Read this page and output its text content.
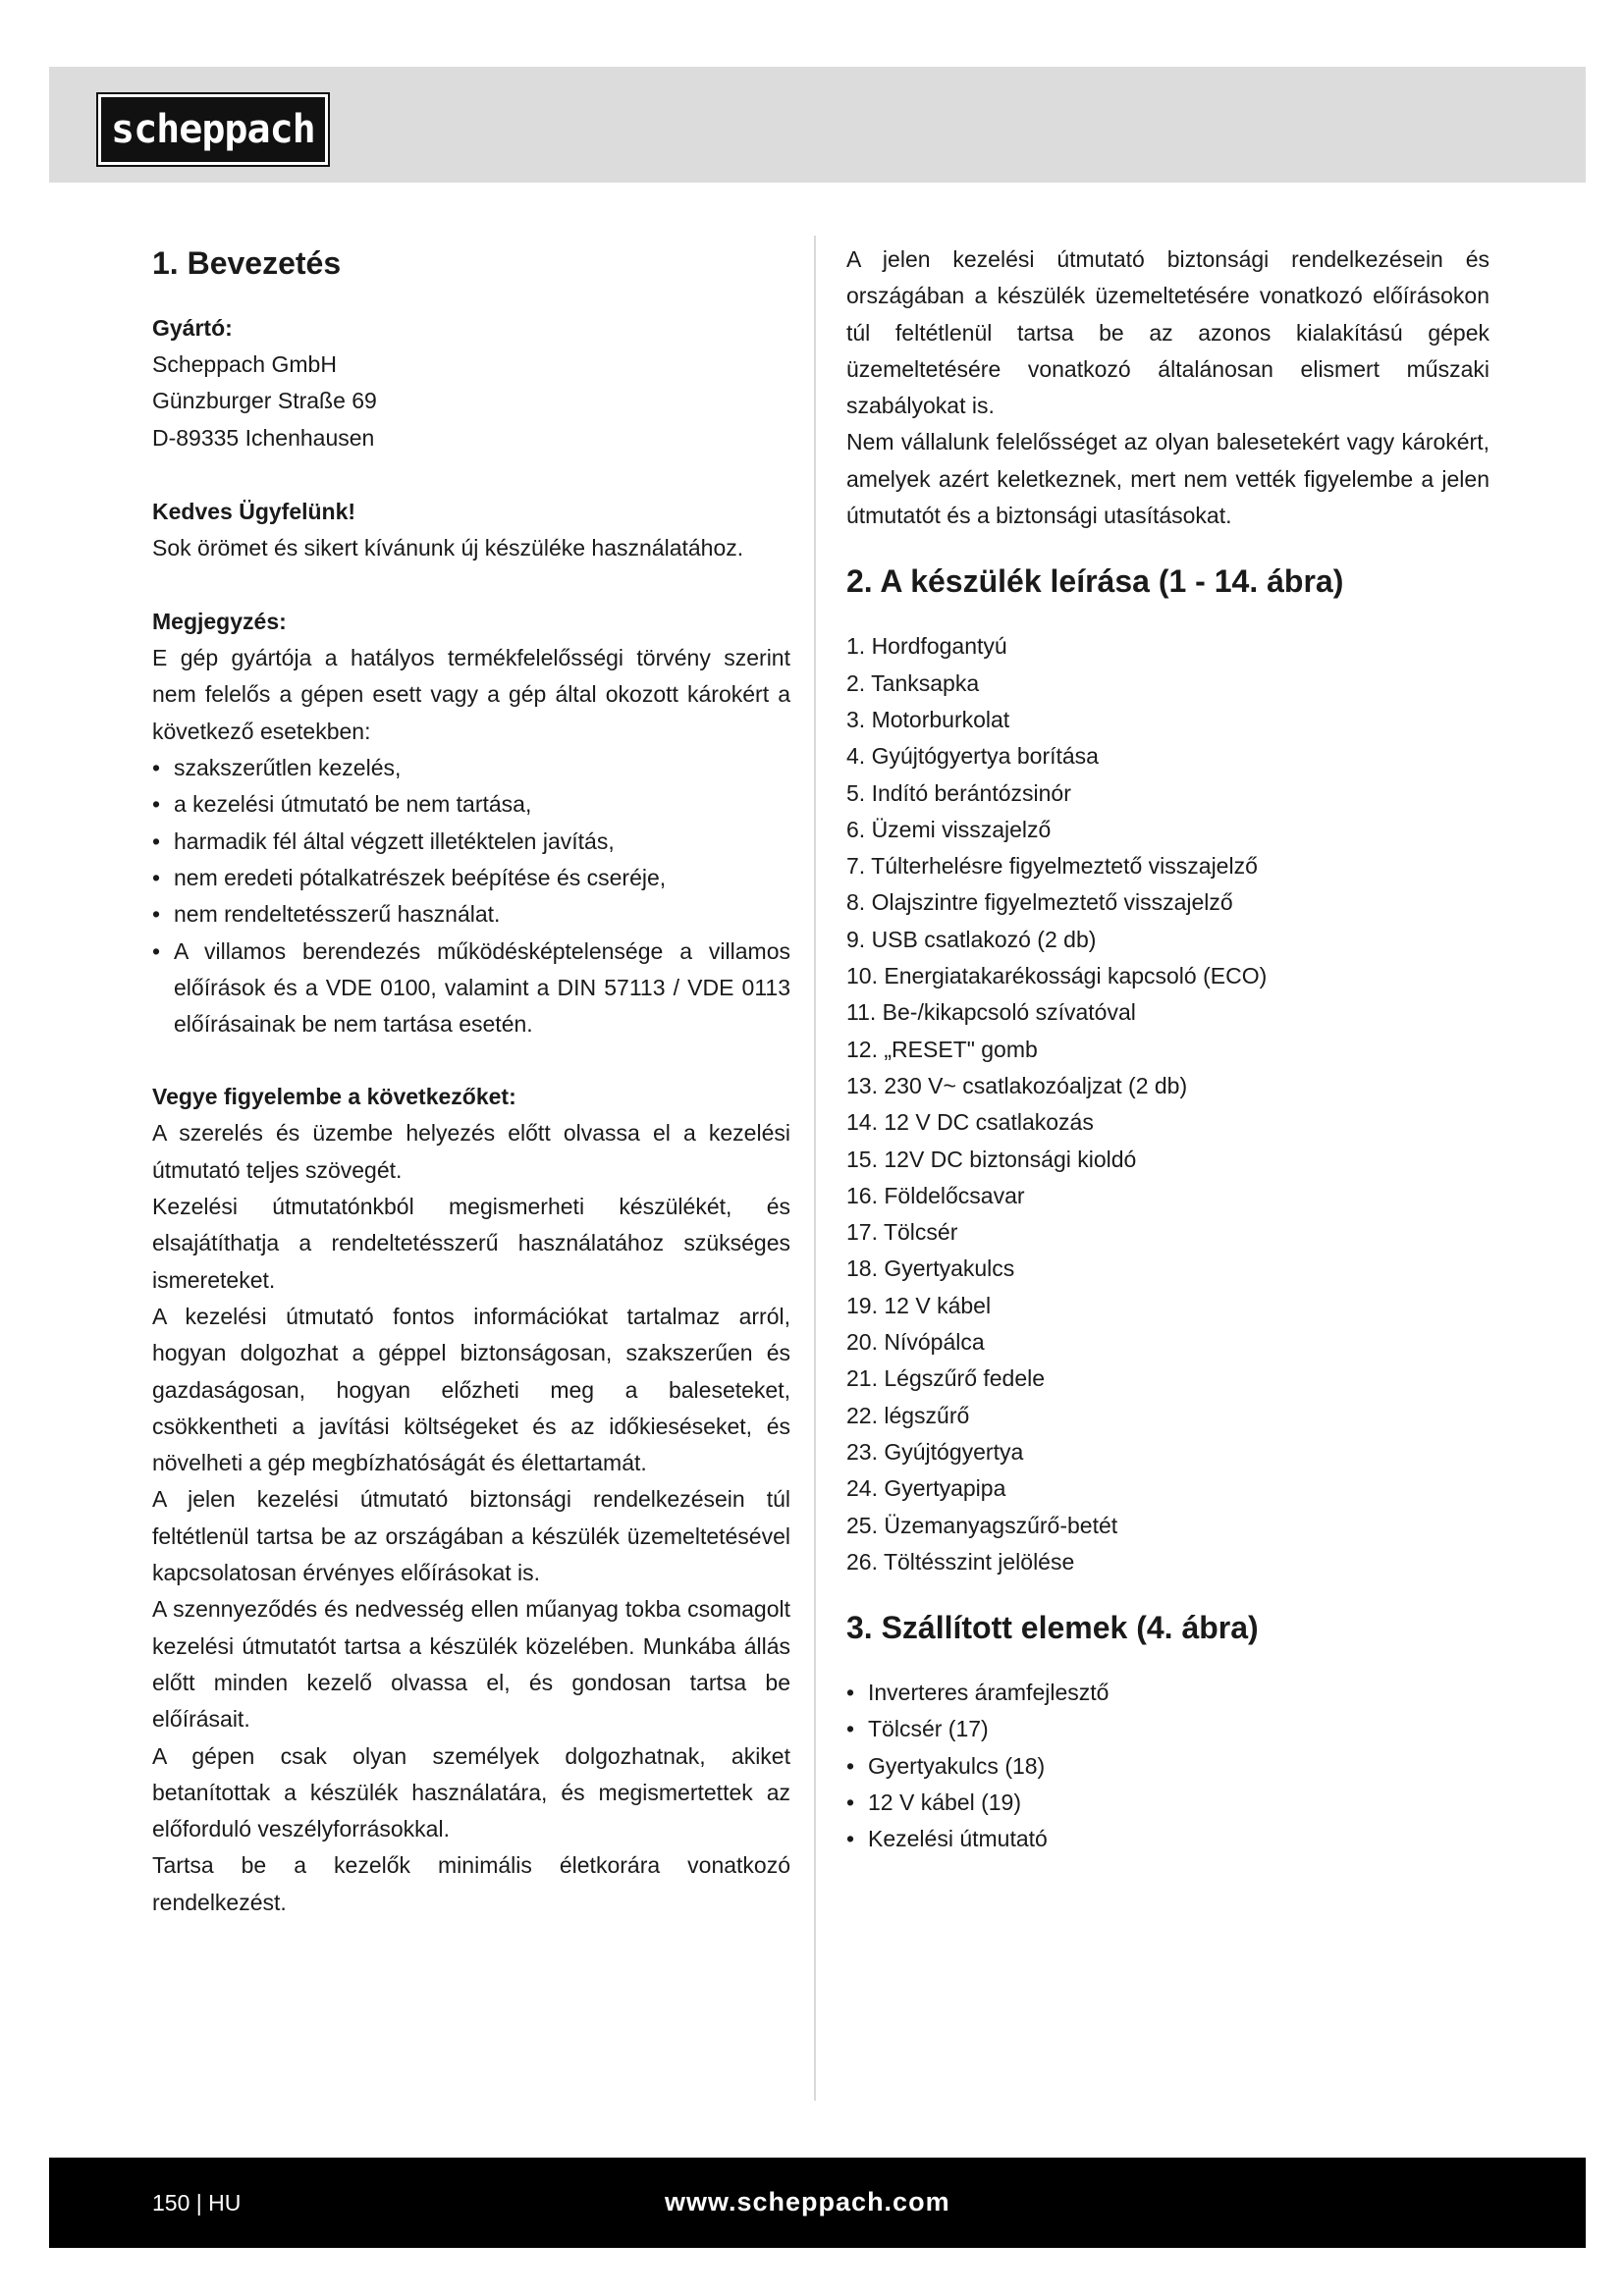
scheppach
1. Bevezetés
Gyártó:

Scheppach GmbH

Günzburger Straße 69

D-89335 Ichenhausen

Kedves Ügyfelünk!

Sok örömet és sikert kívánunk új készüléke használatához.

Megjegyzés:

E gép gyártója a hatályos termékfelelősségi törvény szerint nem felelős a gépen esett vagy a gép által okozott károkért a következő esetekben:

• szakszerűtlen kezelés,
• a kezelési útmutató be nem tartása,
• harmadik fél által végzett illetéktelen javítás,
• nem eredeti pótalkatrészek beépítése és cseréje,
• nem rendeltetésszerű használat.
• A villamos berendezés működésképtelensége a villamos előírások és a VDE 0100, valamint a DIN 57113 / VDE 0113 előírásainak be nem tartása esetén.
Vegye figyelembe a következőket:

A szerelés és üzembe helyezés előtt olvassa el a kezelési útmutató teljes szövegét.

Kezelési útmutatónkból megismerheti készülékét, és elsajátíthatja a rendeltetésszerű használatához szükséges ismereteket.

A kezelési útmutató fontos információkat tartalmaz arról, hogyan dolgozhat a géppel biztonságosan, szakszerűen és gazdaságosan, hogyan előzheti meg a baleseteket, csökkentheti a javítási költségeket és az időkieséseket, és növelheti a gép megbízhatóságát és élettartamát.

A jelen kezelési útmutató biztonsági rendelkezésein túl feltétlenül tartsa be az országában a készülék üzemeltetésével kapcsolatosan érvényes előírásokat is.

A szennyeződés és nedvesség ellen műanyag tokba csomagolt kezelési útmutatót tartsa a készülék közelében. Munkába állás előtt minden kezelő olvassa el, és gondosan tartsa be előírásait.

A gépen csak olyan személyek dolgozhatnak, akiket betanítottak a készülék használatára, és megismertettek az előforduló veszélyforrásokkal.

Tartsa be a kezelők minimális életkorára vonatkozó rendelkezést.

A jelen kezelési útmutató biztonsági rendelkezésein és országában a készülék üzemeltetésére vonatkozó előírásokon túl feltétlenül tartsa be az azonos kialakítású gépek üzemeltetésére vonatkozó általánosan elismert műszaki szabályokat is.

Nem vállalunk felelősséget az olyan balesetekért vagy károkért, amelyek azért keletkeznek, mert nem vették figyelembe a jelen útmutatót és a biztonsági utasításokat.

2. A készülék leírása (1 - 14. ábra)
1. Hordfogantyú
2. Tanksapka
3. Motorburkolat
4. Gyújtógyertya borítása
5. Indító berántózsinór
6. Üzemi visszajelző
7. Túlterhelésre figyelmeztető visszajelző
8. Olajszintre figyelmeztető visszajelző
9. USB csatlakozó (2 db)
10. Energiatakarékossági kapcsoló (ECO)
11. Be-/kikapcsoló szívatóval
12. „RESET" gomb
13. 230 V~ csatlakozóaljzat (2 db)
14. 12 V DC csatlakozás
15. 12V DC biztonsági kioldó
16. Földelőcsavar
17. Tölcsér
18. Gyertyakulcs
19. 12 V kábel
20. Nívópálca
21. Légszűrő fedele
22. légszűrő
23. Gyújtógyertya
24. Gyertyapipa
25. Üzemanyagszűrő-betét
26. Töltésszint jelölése
3. Szállított elemek (4. ábra)
• Inverteres áramfejlesztő
• Tölcsér (17)
• Gyertyakulcs (18)
• 12 V kábel (19)
• Kezelési útmutató
150 | HU	www.scheppach.com
